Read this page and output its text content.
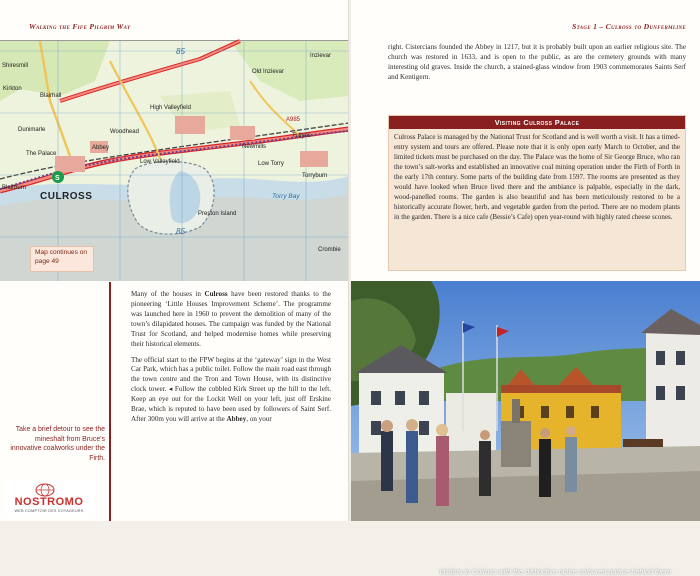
Walking the Fife Pilgrim Way
S
Shiresmill
Blairhall
Kirkton
High Valleyfield
Old Inzievar
Inzievar
Woodhead
Tullyes
Dunimarle
Newmills
The Palace
Abbey
Low Valleyfield	Low Torry
Torryburn
Blairburn
CULROSS	Torry Bay
Preston Island
Crombie
85
85
A985
Map continues on page 49
Take a brief detour to see the mineshalt from Bruce’s innovative coalworks under the Firth.

Many of the houses in Culross have been restored thanks to the pioneering ‘Little Houses Improvement Scheme’. The programme was launched here in 1960 to prevent the demolition of many of the town’s dilapidated houses. The campaign was funded by the National Trust for Scotland, and helped modernise homes while preserving their historical elements.

The official start to the FPW begins at the ‘gateway’ sign in the West Car Park, which has a public toilet. Follow the main road east through the town centre and the Tron and Town House, with its distinctive clock tower. ◂ Follow the cobbled Kirk Street up the hill to the left. Keep an eye out for the Lockit Well on your left, just off Erskine Brae, which is reputed to have been used by followers of Saint Serf. After 300m you will arrive at the Abbey, on your

NOSTROMO
WEB COMPTOIR DES VOYAGEURS
Stage 1 – Culross to Dunfermline
right. Cistercians founded the Abbey in 1217, but it is probably built upon an earlier religious site. The church was restored in 1633, and is open to the public, as are the cemetery grounds with many interesting old graves. Inside the church, a stained-glass window from 1903 commemorates Saints Serf and Kentigern.
Visiting Culross Palace
Culross Palace is managed by the National Trust for Scotland and is well worth a visit. It has a timed-entry system and tours are offered. Please note that it is only open early March to October, and the limited tickets must be purchased on the day. The Palace was the home of Sir George Bruce, who ran the town’s salt-works and established an innovative coal mining operation under the Firth of Forth in the early 17th century. Some parts of the building date from 1597. The rooms are presented as they would have looked when Bruce lived there and the ambiance is palpable, especially in the dark, wood-panelled rooms. The garden is also beautiful and has been meticulously restored to be a historically accurate flower, herb, and vegetable garden from the period. There are no modern plants in the garden. There is a nice cafe (Bessie’s Cafe) open year-round with highly rated cheese scones.
Visitors in Culross with the distinctive ochre coloured palace behind them
